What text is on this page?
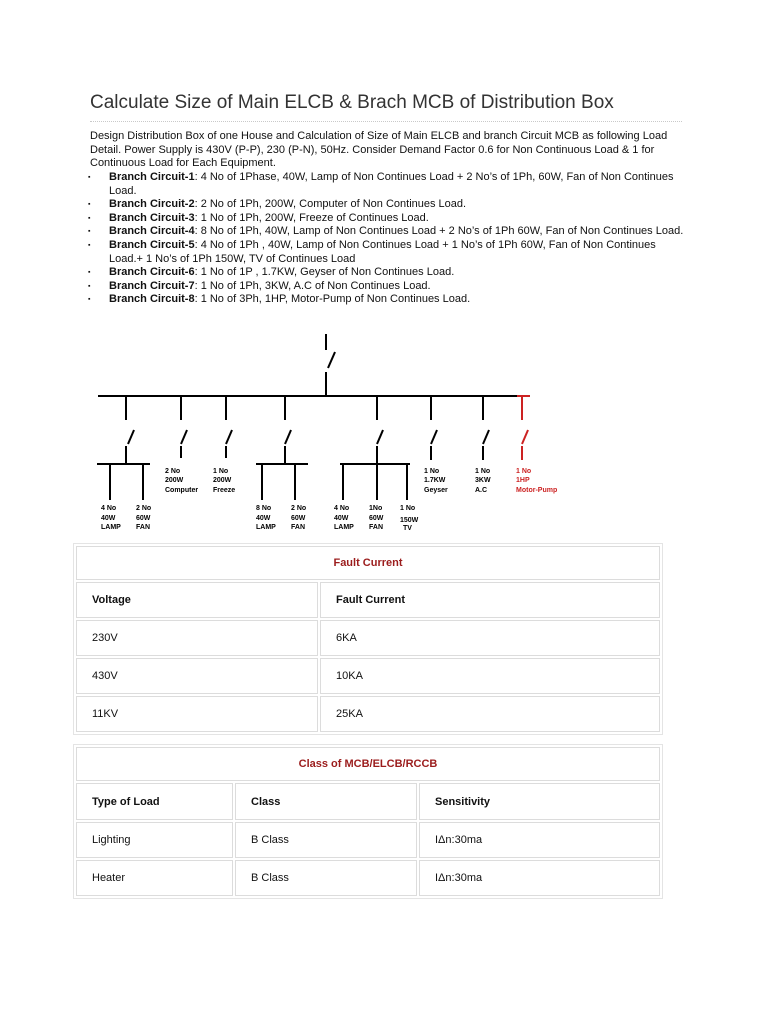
Calculate Size of Main ELCB & Brach MCB of Distribution Box

Design Distribution Box of one House and Calculation of Size of Main ELCB and branch Circuit MCB as following Load Detail. Power Supply is 430V (P-P), 230 (P-N), 50Hz. Consider Demand Factor 0.6 for Non Continuous Load & 1 for Continuous Load for Each Equipment.

▪ Branch Circuit-1: 4 No of 1Phase, 40W, Lamp of Non Continues Load + 2 No’s of 1Ph, 60W, Fan of Non Continues Load.
▪ Branch Circuit-2: 2 No of 1Ph, 200W, Computer of Non Continues Load.
▪ Branch Circuit-3: 1 No of 1Ph, 200W, Freeze of Continues Load.
▪ Branch Circuit-4: 8 No of 1Ph, 40W, Lamp of Non Continues Load + 2 No’s of 1Ph 60W, Fan of Non Continues Load.
▪ Branch Circuit-5: 4 No of 1Ph , 40W, Lamp of Non Continues Load + 1 No’s of 1Ph 60W, Fan of Non Continues Load.+ 1 No’s of 1Ph 150W, TV of Continues Load
▪ Branch Circuit-6: 1 No of 1P , 1.7KW, Geyser of Non Continues Load.
▪ Branch Circuit-7: 1 No of 1Ph, 3KW, A.C of Non Continues Load.
▪ Branch Circuit-8: 1 No of 3Ph, 1HP, Motor-Pump of Non Continues Load.
4 No 40W LAMP
2 No 60W FAN
2 No 200W Computer
1 No 200W Freeze
8 No 40W LAMP
2 No 60W FAN
4 No 40W LAMP
1No 60W FAN
1 No 150W TV
1 No 1.7KW Geyser
1 No 3KW A.C
1 No 1HP Motor-Pump
Fault Current	
Voltage	Fault Current
230V	6KA
430V	10KA
11KV	25KA
Class of MCB/ELCB/RCCB		
Type of Load	Class	Sensitivity
Lighting	B Class	IΔn:30ma
Heater	B Class	IΔn:30ma
